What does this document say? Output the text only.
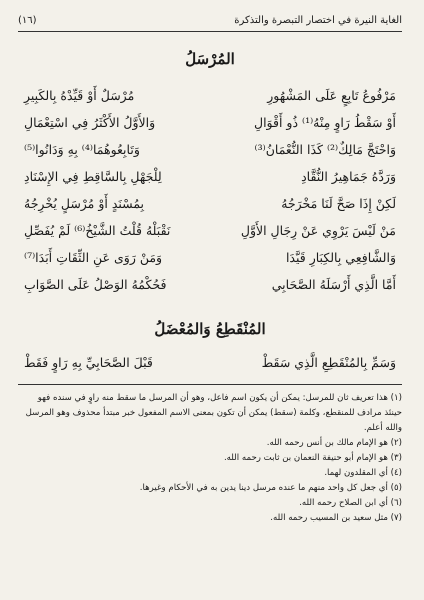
الغاية النيرة في اختصار التبصرة والتذكرة
(١٦)
المُرْسَلُ
مَرْفُوعُ تَابِعٍ عَلَى المَشْهُورِ
مُرْسَلٌ أَوْ قَيِّدْهُ بِالكَبِيرِ
أَوْ سَقْطُ رَاوٍ مِنْهُ⁽¹⁾ ذُو أَقْوَالِ
وَالأَوَّلُ الأَكْثَرُ فِي اسْتِعْمَالِ
وَاحْتَجَّ مَالِكٌ⁽²⁾ كَذَا النُّعْمَانُ⁽³⁾
وَتَابِعُوهُمَا⁽⁴⁾ بِهِ وَدَانُوا⁽⁵⁾
وَرَدَّهُ جَمَاهِيرُ النُّقَّادِ
لِلْجَهْلِ بِالسَّاقِطِ فِي الإِسْنَادِ
لَكِنْ إِذَا صَحَّ لَنَا مَخْرَجُهُ
بِمُسْنَدٍ أَوْ مُرْسَلٍ يُخْرِجُهُ
مَنْ لَيْسَ يَرْوِي عَنْ رِجَالِ الأَوَّلِ
نَقْبَلْهُ قُلْتُ الشَّيْخُ⁽⁶⁾ لَمْ يُفَصِّلِ
وَالشَّافِعِي بِالكِبَارِ قَيَّدَا
وَمَنْ رَوَى عَنِ الثِّقَاتِ أَبَدَا⁽⁷⁾
أَمَّا الَّذِي أَرْسَلَهُ الصَّحَابِي
فَحُكْمُهُ الوَصْلُ عَلَى الصَّوَابِ
المُنْقَطِعُ وَالمُعْضَلُ
وَسَمِّ بِالمُنْقَطِعِ الَّذِي سَقَطْ
قَبْلَ الصَّحَابِيِّ بِهِ رَاوٍ فَقَطْ

(١) هذا تعريف ثان للمرسل: يمكن أن يكون اسم فاعل، وهو أن المرسل ما سقط منه راوٍ في سنده فهو حينئذ مرادف للمنقطع، وكلمة (سقط) يمكن أن تكون بمعنى الاسم المفعول خبر مبتدأ محذوف وهو المرسل والله أعلم.

(٢) هو الإمام مالك بن أنس رحمه الله.

(٣) هو الإمام أبو حنيفة النعمان بن ثابت رحمه الله.

(٤) أي المقلدون لهما.

(٥) أي جعل كل واحد منهم ما عنده مرسل دينا يدين به في الأحكام وغيرها.

(٦) أي ابن الصلاح رحمه الله.

(٧) مثل سعيد بن المسيب رحمه الله.
